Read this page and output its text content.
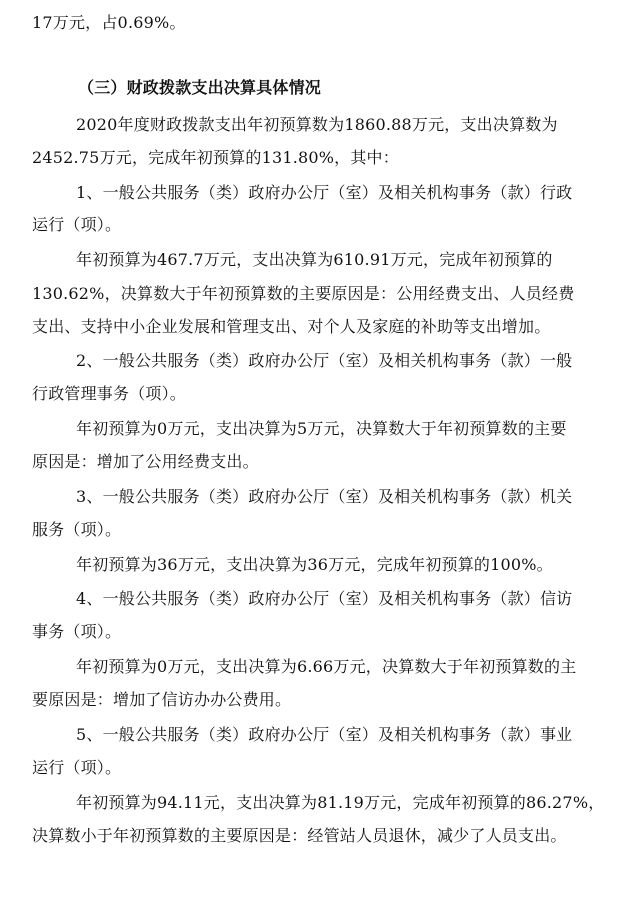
17万元，占0.69%。
（三）财政拨款支出决算具体情况
2020年度财政拨款支出年初预算数为1860.88万元，支出决算数为
2452.75万元，完成年初预算的131.80%，其中：
1、一般公共服务（类）政府办公厅（室）及相关机构事务（款）行政
运行（项）。
年初预算为467.7万元，支出决算为610.91万元，完成年初预算的
130.62%，决算数大于年初预算数的主要原因是：公用经费支出、人员经费
支出、支持中小企业发展和管理支出、对个人及家庭的补助等支出增加。
2、一般公共服务（类）政府办公厅（室）及相关机构事务（款）一般
行政管理事务（项）。
年初预算为0万元，支出决算为5万元，决算数大于年初预算数的主要
原因是：增加了公用经费支出。
3、一般公共服务（类）政府办公厅（室）及相关机构事务（款）机关
服务（项）。
年初预算为36万元，支出决算为36万元，完成年初预算的100%。
4、一般公共服务（类）政府办公厅（室）及相关机构事务（款）信访
事务（项）。
年初预算为0万元，支出决算为6.66万元，决算数大于年初预算数的主
要原因是：增加了信访办办公费用。
5、一般公共服务（类）政府办公厅（室）及相关机构事务（款）事业
运行（项）。
年初预算为94.11元，支出决算为81.19万元，完成年初预算的86.27%，
决算数小于年初预算数的主要原因是：经管站人员退休，减少了人员支出。
